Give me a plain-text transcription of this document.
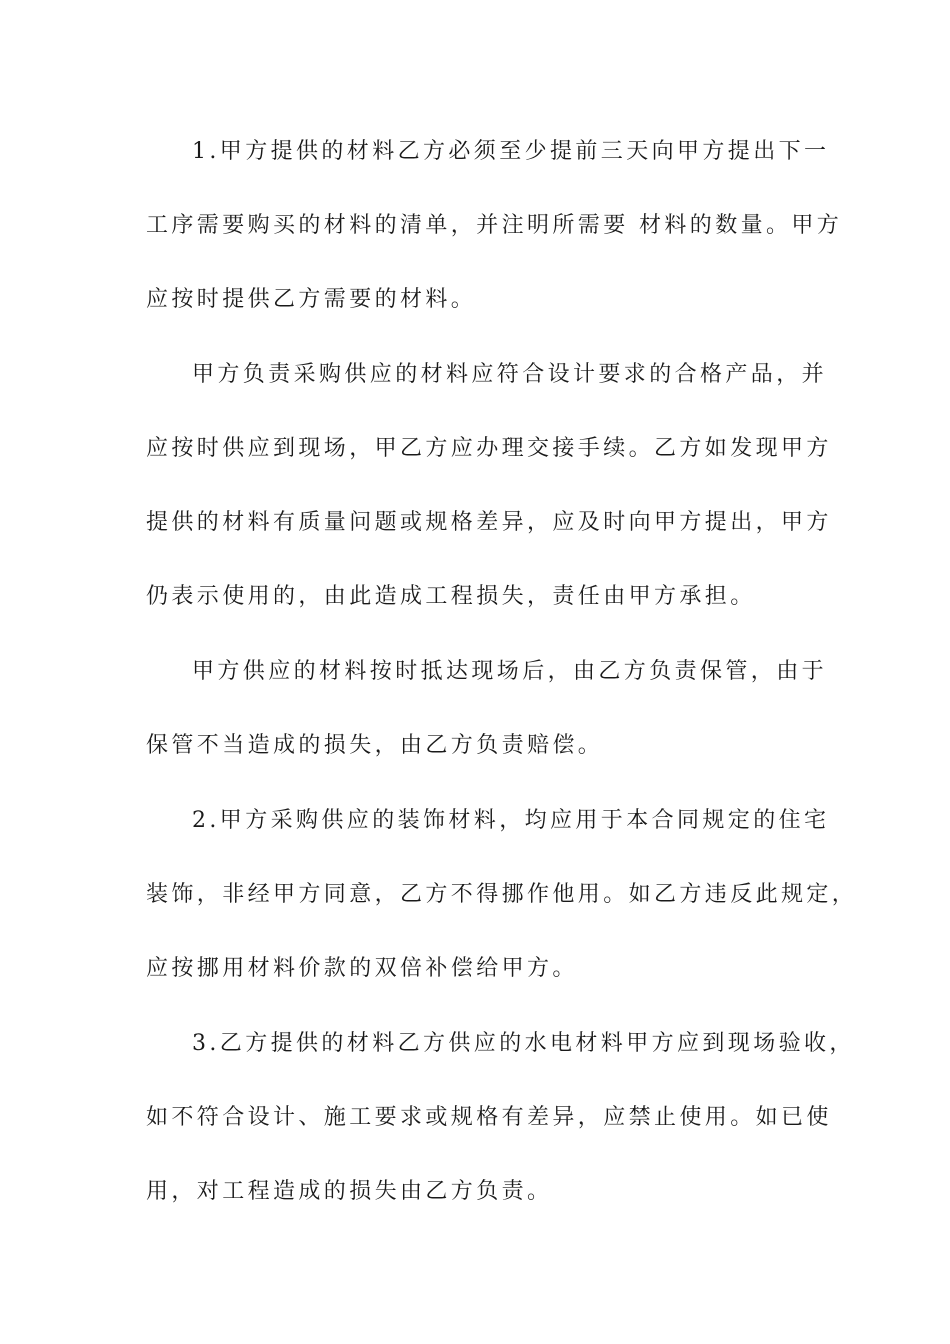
1.甲方提供的材料乙方必须至少提前三天向甲方提出下一
工序需要购买的材料的清单，并注明所需要 材料的数量。甲方
应按时提供乙方需要的材料。
甲方负责采购供应的材料应符合设计要求的合格产品，并
应按时供应到现场，甲乙方应办理交接手续。乙方如发现甲方
提供的材料有质量问题或规格差异，应及时向甲方提出，甲方
仍表示使用的，由此造成工程损失，责任由甲方承担。
甲方供应的材料按时抵达现场后，由乙方负责保管，由于
保管不当造成的损失，由乙方负责赔偿。
2.甲方采购供应的装饰材料，均应用于本合同规定的住宅
装饰，非经甲方同意，乙方不得挪作他用。如乙方违反此规定，
应按挪用材料价款的双倍补偿给甲方。
3.乙方提供的材料乙方供应的水电材料甲方应到现场验收，
如不符合设计、施工要求或规格有差异，应禁止使用。如已使
用，对工程造成的损失由乙方负责。
